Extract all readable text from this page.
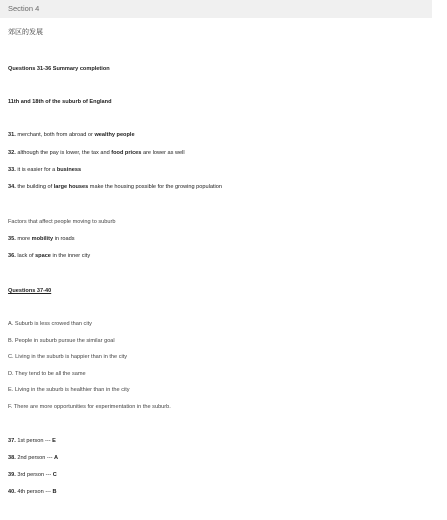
Section 4
郊区的发展
Questions 31-36 Summary completion
11th and 18th of the suburb of England
31. merchant, both from abroad or wealthy people
32. although the pay is lower, the tax and food prices are lower as well
33. it is easier for a business
34. the building of large houses make the housing possible for the growing population
Factors that affect people moving to suburb
35. more mobility in roads
36. lack of space in the inner city
Questions 37-40
A. Suburb is less crowed than city
B. People in suburb pursue the similar goal
C. Living in the suburb is happier than in the city
D. They tend to be all the same
E. Living in the suburb is healthier than in the city
F. There are more opportunities for experimentation in the suburb.
37. 1st person --- E
38. 2nd person --- A
39. 3rd person --- C
40. 4th person --- B
